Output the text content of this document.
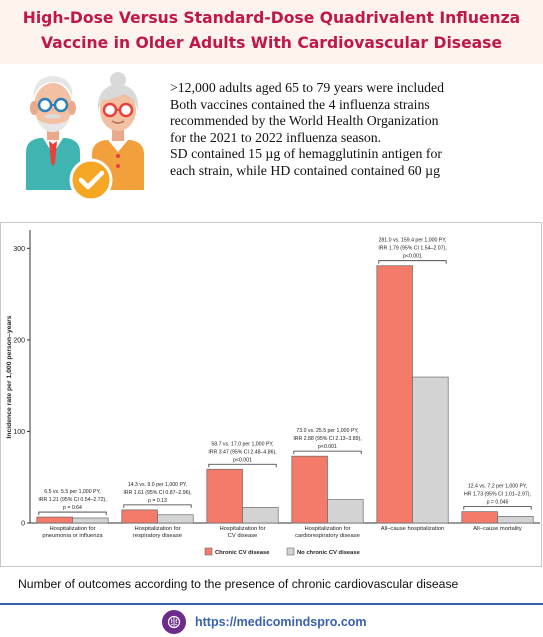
High-Dose Versus Standard-Dose Quadrivalent Influenza
Vaccine in Older Adults With Cardiovascular Disease

>12,000 adults aged 65 to 79 years were included

Both vaccines contained the 4 influenza strains

recommended by the World Health Organization

for the 2021 to 2022 influenza season.

SD contained 15 µg of hemagglutinin antigen for

each strain, while HD contained contained 60 µg

Incidence rate per 1,000 person–years
0
100
200
300
6.5 vs. 5.5 per 1,000 PY,
IRR 1.21 (95% CI 0.54–2.72),
p = 0.64
14.3 vs. 9.0 per 1,000 PY,
IRR 1.61 (95% CI 0.87–2.96),
p = 0.13
58.7 vs. 17.0 per 1,000 PY,
IRR 3.47 (95% CI 2.48–4.86),
p<0.001
73.0 vs. 25.5 per 1,000 PY,
IRR 2.88 (95% CI 2.13–3.89),
p<0.001
281.0 vs. 159.4 per 1,000 PY,
IRR 1.79 (95% CI 1.54–2.07),
p<0.001
12.4 vs. 7.2 per 1,000 PY,
HR 1.73 (95% CI 1.01–2.97),
p = 0.046
Hospitalization for
pneumonia or influenza
Hospitalization for
respiratory disease
Hospitalization for
CV disease
Hospitalization for
cardiorespiratory disease
All–cause hospitalization	All–cause mortality
Chronic CV disease	No chronic CV disease
Number of outcomes according to the presence of chronic cardiovascular disease
https://medicomindspro.com
